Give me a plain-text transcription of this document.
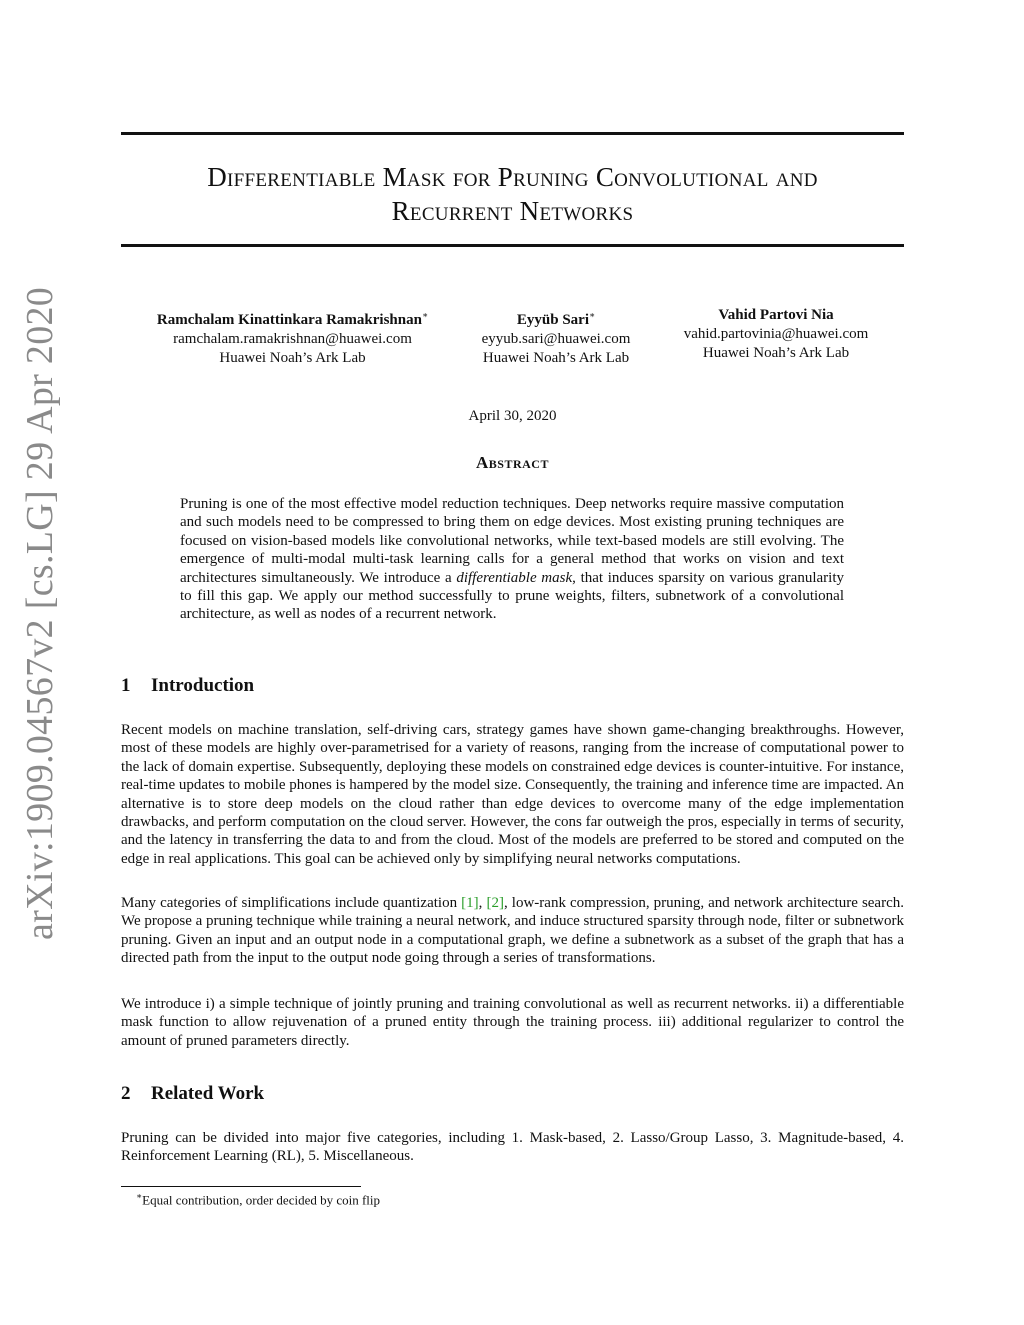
arXiv:1909.04567v2 [cs.LG] 29 Apr 2020
Differentiable Mask for Pruning Convolutional and
Recurrent Networks
Ramchalam Kinattinkara Ramakrishnan∗
ramchalam.ramakrishnan@huawei.com
Huawei Noah’s Ark Lab
Eyyüb Sari∗
eyyub.sari@huawei.com
Huawei Noah’s Ark Lab
Vahid Partovi Nia
vahid.partovinia@huawei.com
Huawei Noah’s Ark Lab
April 30, 2020
Abstract

Pruning is one of the most effective model reduction techniques. Deep networks require massive computation and such models need to be compressed to bring them on edge devices. Most existing pruning techniques are focused on vision-based models like convolutional networks, while text-based models are still evolving. The emergence of multi-modal multi-task learning calls for a general method that works on vision and text architectures simultaneously. We introduce a differentiable mask, that induces sparsity on various granularity to fill this gap. We apply our method successfully to prune weights, filters, subnetwork of a convolutional architecture, as well as nodes of a recurrent network.

1 Introduction

Recent models on machine translation, self-driving cars, strategy games have shown game-changing breakthroughs. However, most of these models are highly over-parametrised for a variety of reasons, ranging from the increase of computational power to the lack of domain expertise. Subsequently, deploying these models on constrained edge devices is counter-intuitive. For instance, real-time updates to mobile phones is hampered by the model size. Consequently, the training and inference time are impacted. An alternative is to store deep models on the cloud rather than edge devices to overcome many of the edge implementation drawbacks, and perform computation on the cloud server. However, the cons far outweigh the pros, especially in terms of security, and the latency in transferring the data to and from the cloud. Most of the models are preferred to be stored and computed on the edge in real applications. This goal can be achieved only by simplifying neural networks computations.

Many categories of simplifications include quantization [1], [2], low-rank compression, pruning, and network architecture search. We propose a pruning technique while training a neural network, and induce structured sparsity through node, filter or subnetwork pruning. Given an input and an output node in a computational graph, we define a subnetwork as a subset of the graph that has a directed path from the input to the output node going through a series of transformations.

We introduce i) a simple technique of jointly pruning and training convolutional as well as recurrent networks. ii) a differentiable mask function to allow rejuvenation of a pruned entity through the training process. iii) additional regularizer to control the amount of pruned parameters directly.

2 Related Work

Pruning can be divided into major five categories, including 1. Mask-based, 2. Lasso/Group Lasso, 3. Magnitude-based, 4. Reinforcement Learning (RL), 5. Miscellaneous.

∗Equal contribution, order decided by coin flip
